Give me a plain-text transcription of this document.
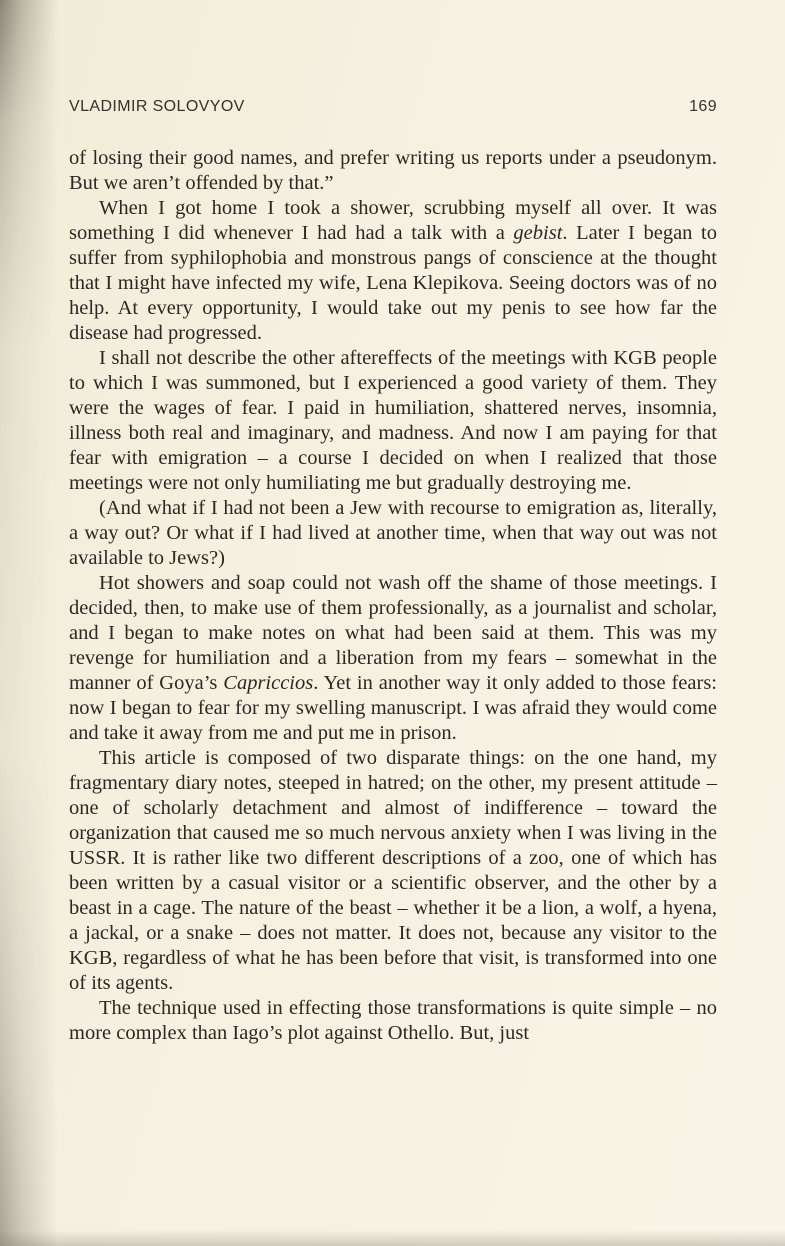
VLADIMIR SOLOVYOV	169

of losing their good names, and prefer writing us reports under a pseudonym. But we aren’t offended by that.”

When I got home I took a shower, scrubbing myself all over. It was something I did whenever I had had a talk with a gebist. Later I began to suffer from syphilophobia and monstrous pangs of conscience at the thought that I might have infected my wife, Lena Klepikova. Seeing doctors was of no help. At every opportunity, I would take out my penis to see how far the disease had progressed.

I shall not describe the other aftereffects of the meetings with KGB people to which I was summoned, but I experienced a good variety of them. They were the wages of fear. I paid in humiliation, shattered nerves, insomnia, illness both real and imaginary, and madness. And now I am paying for that fear with emigration – a course I decided on when I realized that those meetings were not only humiliating me but gradually destroying me.

(And what if I had not been a Jew with recourse to emigration as, literally, a way out? Or what if I had lived at another time, when that way out was not available to Jews?)

Hot showers and soap could not wash off the shame of those meetings. I decided, then, to make use of them professionally, as a journalist and scholar, and I began to make notes on what had been said at them. This was my revenge for humiliation and a liberation from my fears – somewhat in the manner of Goya’s Capriccios. Yet in another way it only added to those fears: now I began to fear for my swelling manuscript. I was afraid they would come and take it away from me and put me in prison.

This article is composed of two disparate things: on the one hand, my fragmentary diary notes, steeped in hatred; on the other, my present attitude – one of scholarly detachment and almost of indifference – toward the organization that caused me so much nervous anxiety when I was living in the USSR. It is rather like two different descriptions of a zoo, one of which has been written by a casual visitor or a scientific observer, and the other by a beast in a cage. The nature of the beast – whether it be a lion, a wolf, a hyena, a jackal, or a snake – does not matter. It does not, because any visitor to the KGB, regardless of what he has been before that visit, is transformed into one of its agents.

The technique used in effecting those transformations is quite simple – no more complex than Iago’s plot against Othello. But, just
